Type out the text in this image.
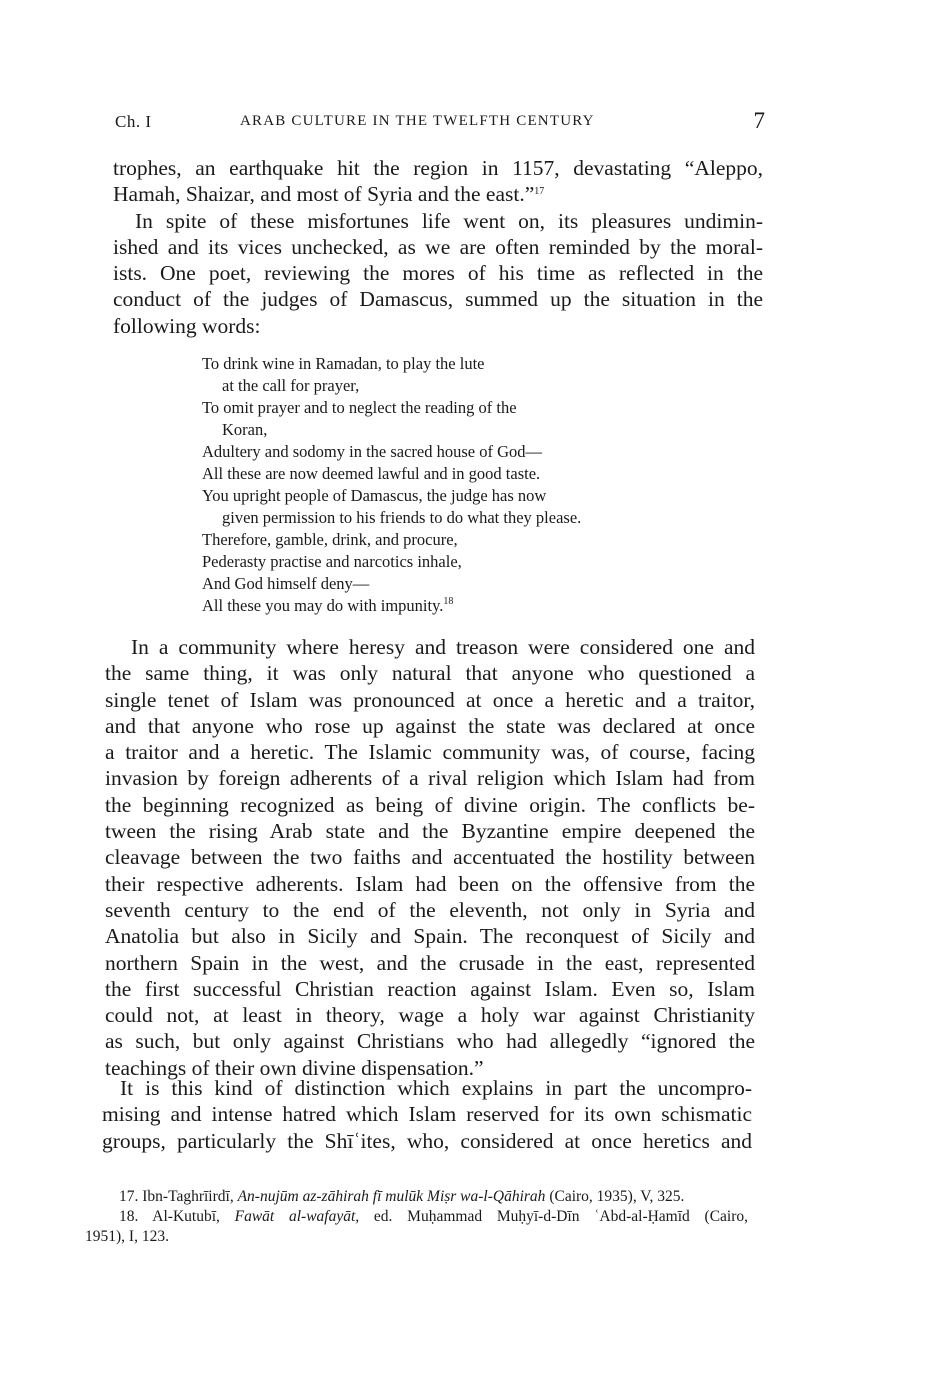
Ch. I	ARAB CULTURE IN THE TWELFTH CENTURY	7
trophes, an earthquake hit the region in 1157, devastating “Aleppo,
Hamah, Shaizar, and most of Syria and the east.”$^{17}$
In spite of these misfortunes life went on, its pleasures undimin-
ished and its vices unchecked, as we are often reminded by the moral-
ists. One poet, reviewing the mores of his time as reflected in the
conduct of the judges of Damascus, summed up the situation in the
following words:
To drink wine in Ramadan, to play the lute
at the call for prayer,
To omit prayer and to neglect the reading of the
Koran,
Adultery and sodomy in the sacred house of God—
All these are now deemed lawful and in good taste.
You upright people of Damascus, the judge has now
given permission to his friends to do what they please.
Therefore, gamble, drink, and procure,
Pederasty practise and narcotics inhale,
And God himself deny—
All these you may do with impunity.$^{18}$
In a community where heresy and treason were considered one and
the same thing, it was only natural that anyone who questioned a
single tenet of Islam was pronounced at once a heretic and a traitor,
and that anyone who rose up against the state was declared at once
a traitor and a heretic. The Islamic community was, of course, facing
invasion by foreign adherents of a rival religion which Islam had from
the beginning recognized as being of divine origin. The conflicts be-
tween the rising Arab state and the Byzantine empire deepened the
cleavage between the two faiths and accentuated the hostility between
their respective adherents. Islam had been on the offensive from the
seventh century to the end of the eleventh, not only in Syria and
Anatolia but also in Sicily and Spain. The reconquest of Sicily and
northern Spain in the west, and the crusade in the east, represented
the first successful Christian reaction against Islam. Even so, Islam
could not, at least in theory, wage a holy war against Christianity
as such, but only against Christians who had allegedly “ignored the
teachings of their own divine dispensation.”
It is this kind of distinction which explains in part the uncompro-
mising and intense hatred which Islam reserved for its own schismatic
groups, particularly the Shīʿites, who, considered at once heretics and
17. Ibn-Taghrīirdī, An-nujūm az-zāhirah fī mulūk Miṣr wa-l-Qāhirah (Cairo, 1935), V, 325.
18. Al-Kutubī, Fawāt al-wafayāt, ed. Muḥammad Muḥyī-d-Dīn ʿAbd-al-Ḥamīd (Cairo,
1951), I, 123.
